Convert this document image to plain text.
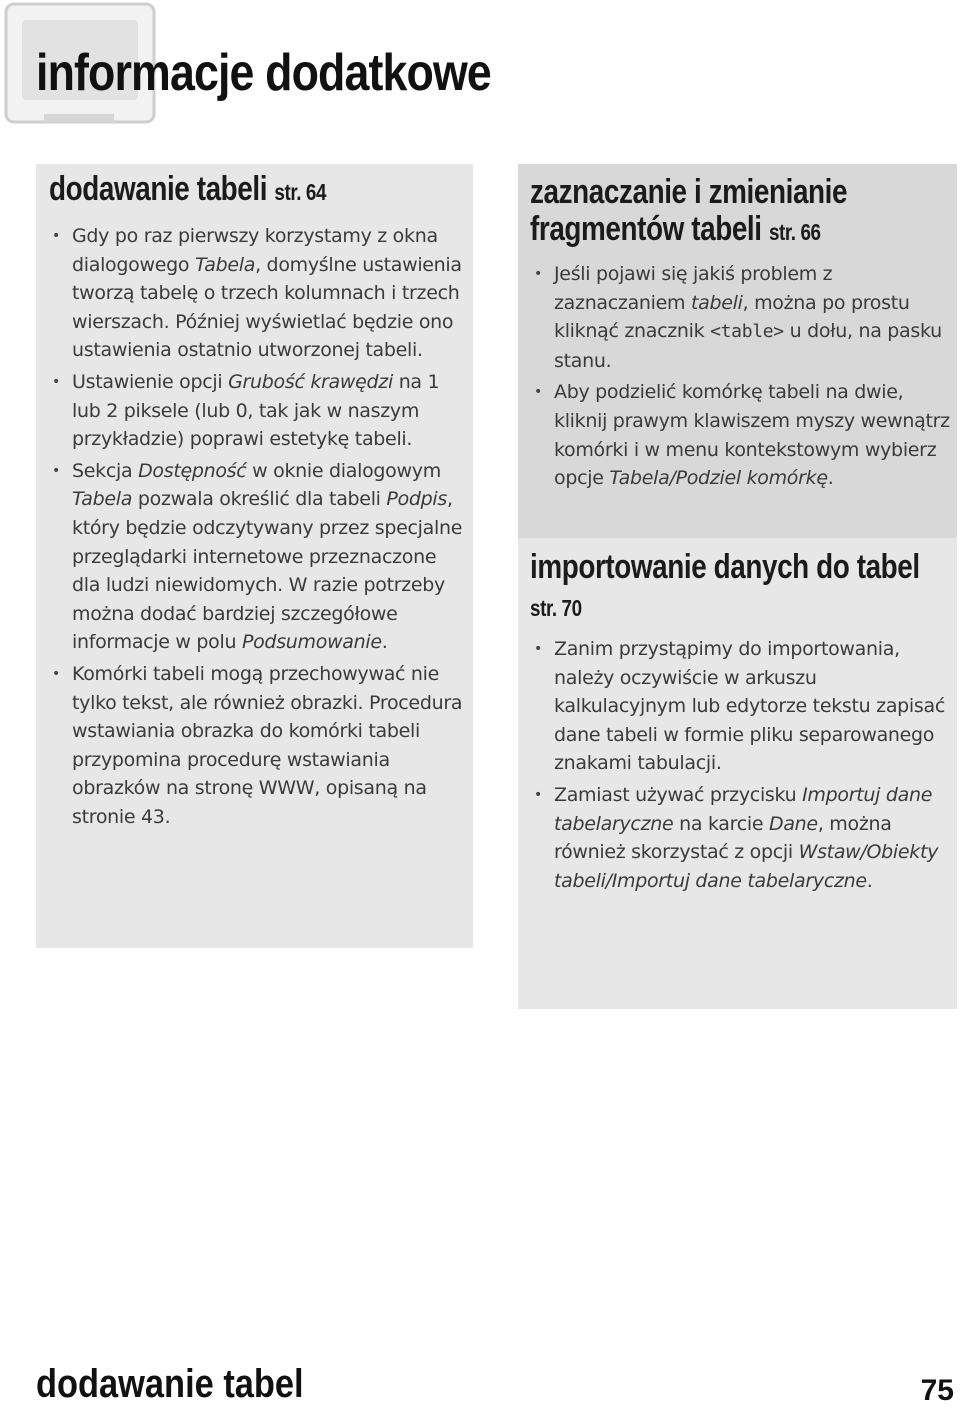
informacje dodatkowe
dodawanie tabeli str. 64
• Gdy po raz pierwszy korzystamy z okna dialogowego Tabela, domyślne ustawienia tworzą tabelę o trzech kolumnach i trzech wierszach. Później wyświetlać będzie ono ustawienia ostatnio utworzonej tabeli.
• Ustawienie opcji Grubość krawędzi na 1 lub 2 piksele (lub 0, tak jak w naszym przykładzie) poprawi estetykę tabeli.
• Sekcja Dostępność w oknie dialogowym Tabela pozwala określić dla tabeli Podpis, który będzie odczytywany przez specjalne przeglądarki internetowe przeznaczone dla ludzi niewidomych. W razie potrzeby można dodać bardziej szczegółowe informacje w polu Podsumowanie.
• Komórki tabeli mogą przechowywać nie tylko tekst, ale również obrazki. Procedura wstawiania obrazka do komórki tabeli przypomina procedurę wstawiania obrazków na stronę WWW, opisaną na stronie 43.
zaznaczanie i zmienianie
fragmentów tabeli str. 66
• Jeśli pojawi się jakiś problem z zaznaczaniem tabeli, można po prostu kliknąć znacznik <table> u dołu, na pasku stanu.
• Aby podzielić komórkę tabeli na dwie, kliknij prawym klawiszem myszy wewnątrz komórki i w menu kontekstowym wybierz opcje Tabela/Podziel komórkę.
importowanie danych do tabel
str. 70
• Zanim przystąpimy do importowania, należy oczywiście w arkuszu kalkulacyjnym lub edytorze tekstu zapisać dane tabeli w formie pliku separowanego znakami tabulacji.
• Zamiast używać przycisku Importuj dane tabelaryczne na karcie Dane, można również skorzystać z opcji Wstaw/Obiekty tabeli/Importuj dane tabelaryczne.
dodawanie tabel	75
